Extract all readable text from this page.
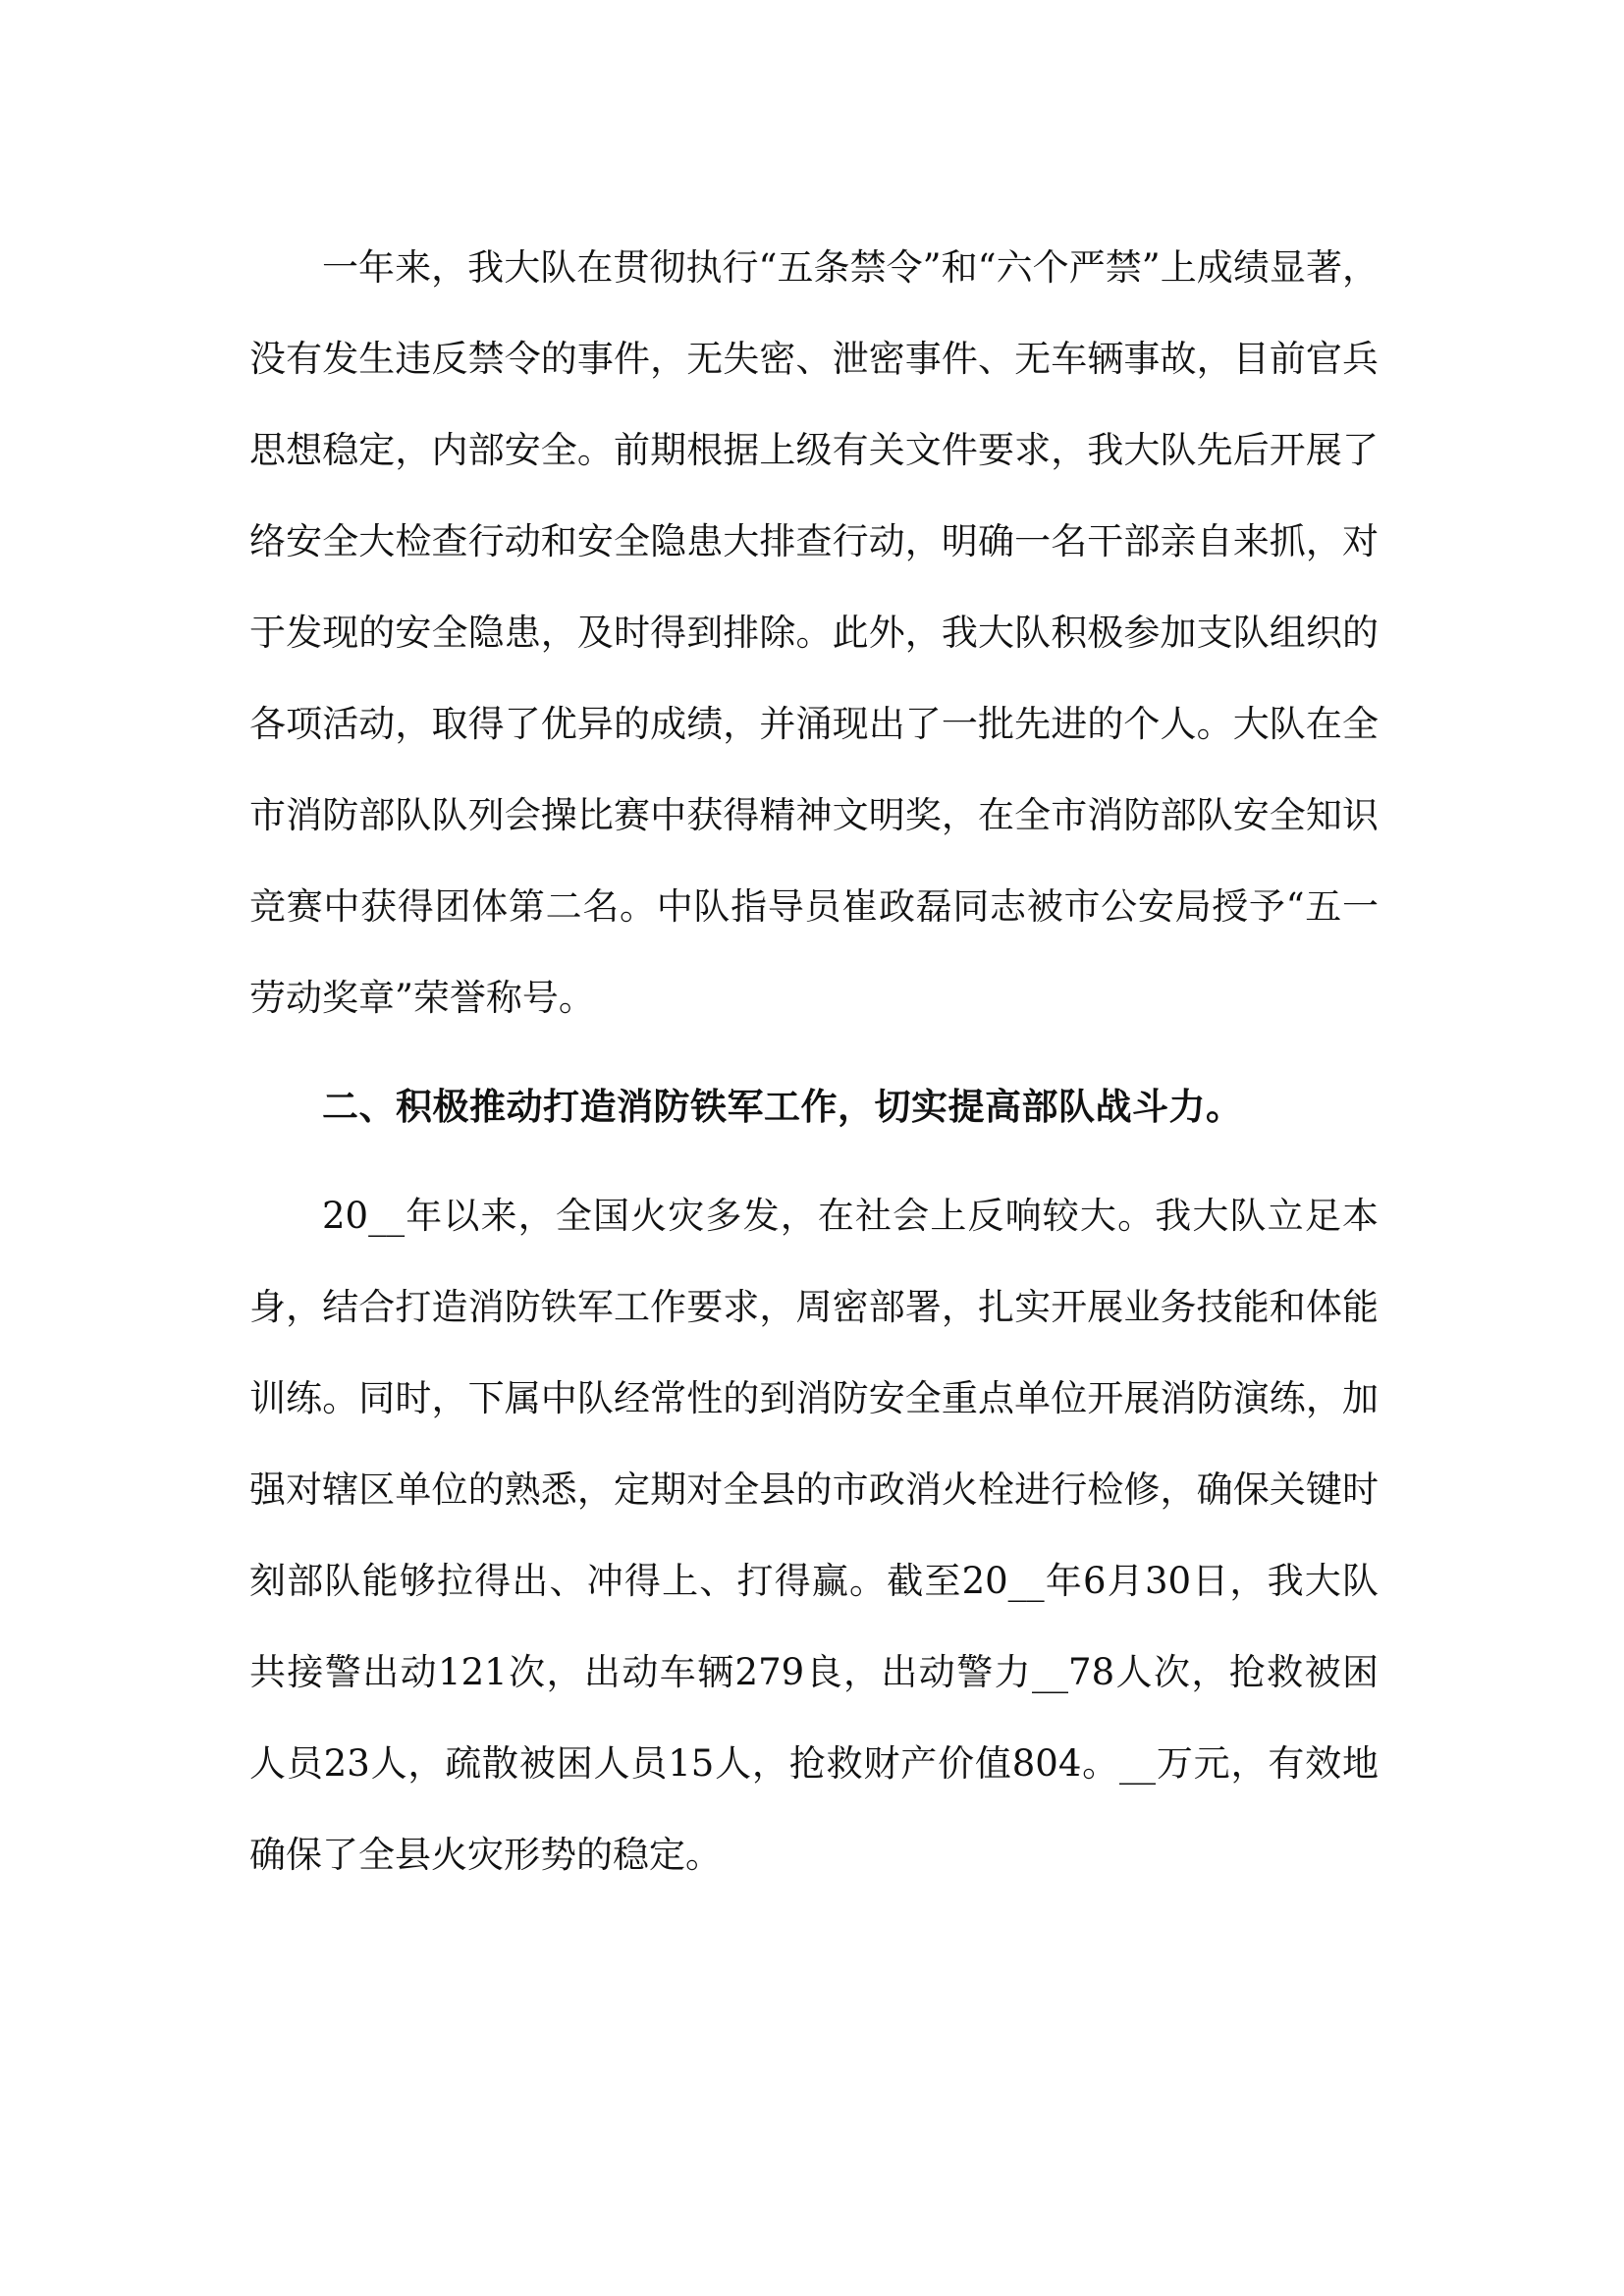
一年来，我大队在贯彻执行“五条禁令”和“六个严禁”上成绩显著，没有发生违反禁令的事件，无失密、泄密事件、无车辆事故，目前官兵思想稳定，内部安全。前期根据上级有关文件要求，我大队先后开展了络安全大检查行动和安全隐患大排查行动，明确一名干部亲自来抓，对于发现的安全隐患，及时得到排除。此外，我大队积极参加支队组织的各项活动，取得了优异的成绩，并涌现出了一批先进的个人。大队在全市消防部队队列会操比赛中获得精神文明奖，在全市消防部队安全知识竞赛中获得团体第二名。中队指导员崔政磊同志被市公安局授予“五一劳动奖章”荣誉称号。

二、积极推动打造消防铁军工作，切实提高部队战斗力。

20__年以来，全国火灾多发，在社会上反响较大。我大队立足本身，结合打造消防铁军工作要求，周密部署，扎实开展业务技能和体能训练。同时，下属中队经常性的到消防安全重点单位开展消防演练，加强对辖区单位的熟悉，定期对全县的市政消火栓进行检修，确保关键时刻部队能够拉得出、冲得上、打得赢。截至20__年6月30日，我大队共接警出动121次，出动车辆279良，出动警力__78人次，抢救被困人员23人，疏散被困人员15人，抢救财产价值804。__万元，有效地确保了全县火灾形势的稳定。
